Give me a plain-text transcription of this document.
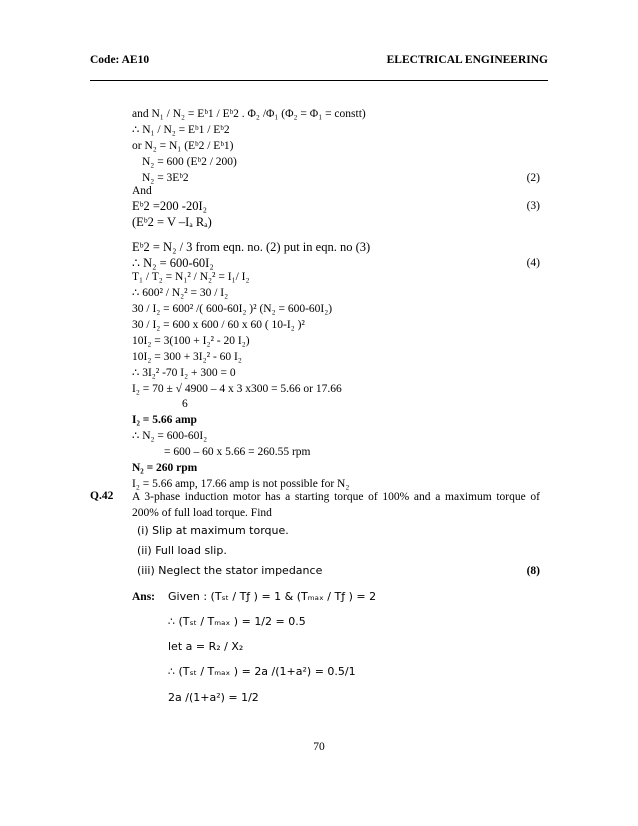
Code: AE10	ELECTRICAL ENGINEERING
and N₁ / N₂ = Eᵇ1 / Eᵇ2 . Φ₂ /Φ₁ (Φ₂ = Φ₁ = constt)
∴ N₁ / N₂ = Eᵇ1 / Eᵇ2
or N₂ = N₁ (Eᵇ2 / Eᵇ1)
N₂ = 600 (Eᵇ2 / 200)
N₂ = 3Eᵇ2	(2)
And
Eᵇ2 =200 -20I₂	(3)
(Eᵇ2 = V –Iₐ Rₐ)
Eᵇ2 = N₂ / 3 from eqn. no. (2) put in eqn. no (3)
∴ N₂ = 600-60I₂	(4)
T₁ / T₂ = N₁² / N₂² = I₁/ I₂
∴ 600² / N₂² = 30 / I₂
30 / I₂ = 600² /( 600-60I₂ )² (N₂ = 600-60I₂)
30 / I₂ = 600 x 600 / 60 x 60 ( 10-I₂ )²
10I₂ = 3(100 + I₂² - 20 I₂)
10I₂ = 300 + 3I₂² - 60 I₂
∴ 3I₂² -70 I₂ + 300 = 0
I₂ = 70 ± √ 4900 – 4 x 3 x300 = 5.66 or 17.66
6
I₂ = 5.66 amp
∴ N₂ = 600-60I₂
= 600 – 60 x 5.66 = 260.55 rpm
N₂ = 260 rpm
I₂ = 5.66 amp, 17.66 amp is not possible for N₂
Q.42 A 3-phase induction motor has a starting torque of 100% and a maximum torque of 200% of full load torque. Find
(i) Slip at maximum torque.
(ii) Full load slip.
(iii) Neglect the stator impedance	(8)
Ans: Given : (Tₛₜ / Tƒ ) = 1 & (Tₘₐₓ / Tƒ ) = 2
∴ (Tₛₜ / Tₘₐₓ ) = 1/2 = 0.5
let a = R₂ / X₂
∴ (Tₛₜ / Tₘₐₓ ) = 2a /(1+a²) = 0.5/1
2a /(1+a²) = 1/2
70
